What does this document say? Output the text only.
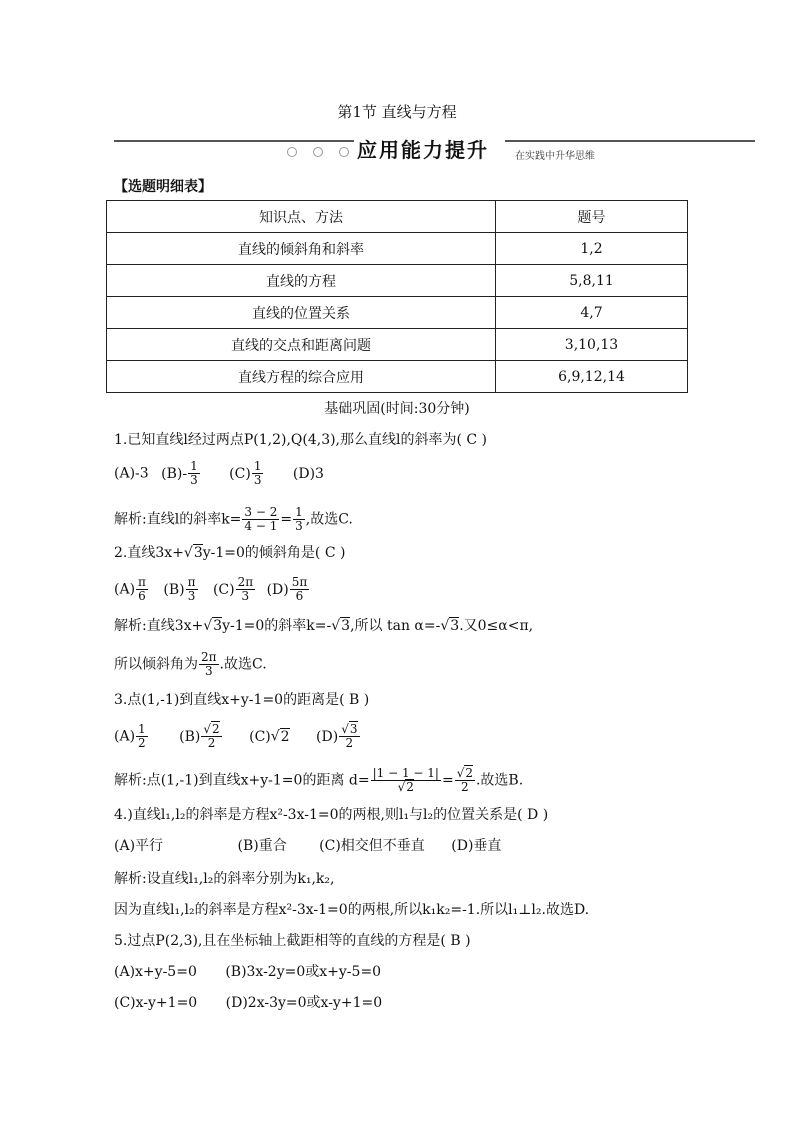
第1节 直线与方程
应用能力提升	在实践中升华思维
【选题明细表】
知识点、方法	题号
直线的倾斜角和斜率	1,2
直线的方程	5,8,11
直线的位置关系	4,7
直线的交点和距离问题	3,10,13
直线方程的综合应用	6,9,12,14
基础巩固(时间:30分钟)
1.已知直线l经过两点P(1,2),Q(4,3),那么直线l的斜率为( C )
(A)-3 $(B)- \frac{1}{3} (C) \frac{1}{3} (D)3$
解析:直线l的斜率$k= \frac{3 - 2}{4 - 1} = \frac{1}{3}$ ,故选C.
2.直线3x+√3y-1=0的倾斜角是( C )
$(A) \frac{\pi}{6} (B) \frac{\pi}{3} (C) \frac{2\pi}{3} (D) \frac{5\pi}{6}$
解析:直线3x+√3y-1=0的斜率k=-√3,所以 tan α=-√3.又0≤α<π,
所以倾斜角为 $\frac{2\pi}{3}$ .故选C.
3.点(1,-1)到直线x+y-1=0的距离是( B )
$(A) \frac{1}{2} (B) \frac{√2}{2} (C)√2$ $(D) \frac{√3}{2}$
解析:点(1,-1)到直线x+y-1=0的距离 $d= \frac{|1 - 1 - 1|}{√2} = \frac{√2}{2}$ .故选B.
4.)直线l₁,l₂的斜率是方程x²-3x-1=0的两根,则l₁与l₂的位置关系是( D )
(A)平行	(B)重合 (C)相交但不垂直 (D)垂直
解析:设直线l₁,l₂的斜率分别为k₁,k₂,
因为直线l₁,l₂的斜率是方程x²-3x-1=0的两根,所以k₁k₂=-1.所以l₁⊥l₂.故选D.
5.过点P(2,3),且在坐标轴上截距相等的直线的方程是( B )
(A)x+y-5=0 (B)3x-2y=0或x+y-5=0
(C)x-y+1=0 (D)2x-3y=0或x-y+1=0
